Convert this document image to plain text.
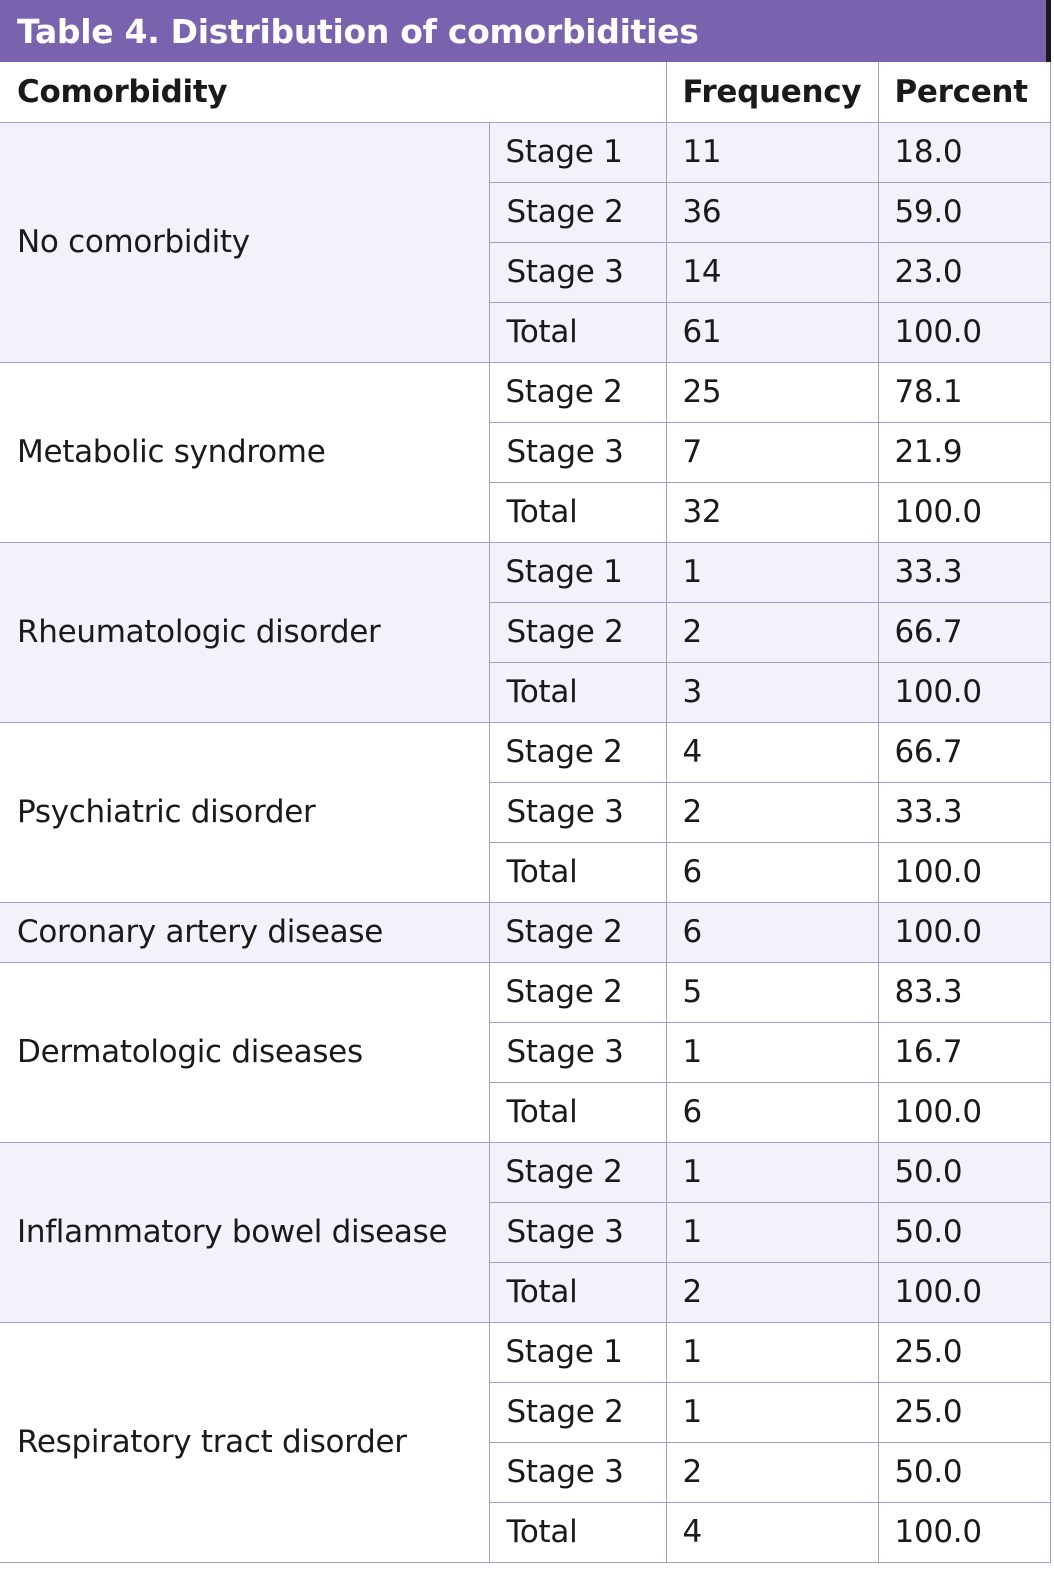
Table 4. Distribution of comorbidities
Comorbidity		Frequency	Percent
No comorbidity	Stage 1	11	18.0
	Stage 2	36	59.0
	Stage 3	14	23.0
	Total	61	100.0
Metabolic syndrome	Stage 2	25	78.1
	Stage 3	7	21.9
	Total	32	100.0
Rheumatologic disorder	Stage 1	1	33.3
	Stage 2	2	66.7
	Total	3	100.0
Psychiatric disorder	Stage 2	4	66.7
	Stage 3	2	33.3
	Total	6	100.0
Coronary artery disease	Stage 2	6	100.0
Dermatologic diseases	Stage 2	5	83.3
	Stage 3	1	16.7
	Total	6	100.0
Inflammatory bowel disease	Stage 2	1	50.0
	Stage 3	1	50.0
	Total	2	100.0
Respiratory tract disorder	Stage 1	1	25.0
	Stage 2	1	25.0
	Stage 3	2	50.0
	Total	4	100.0
